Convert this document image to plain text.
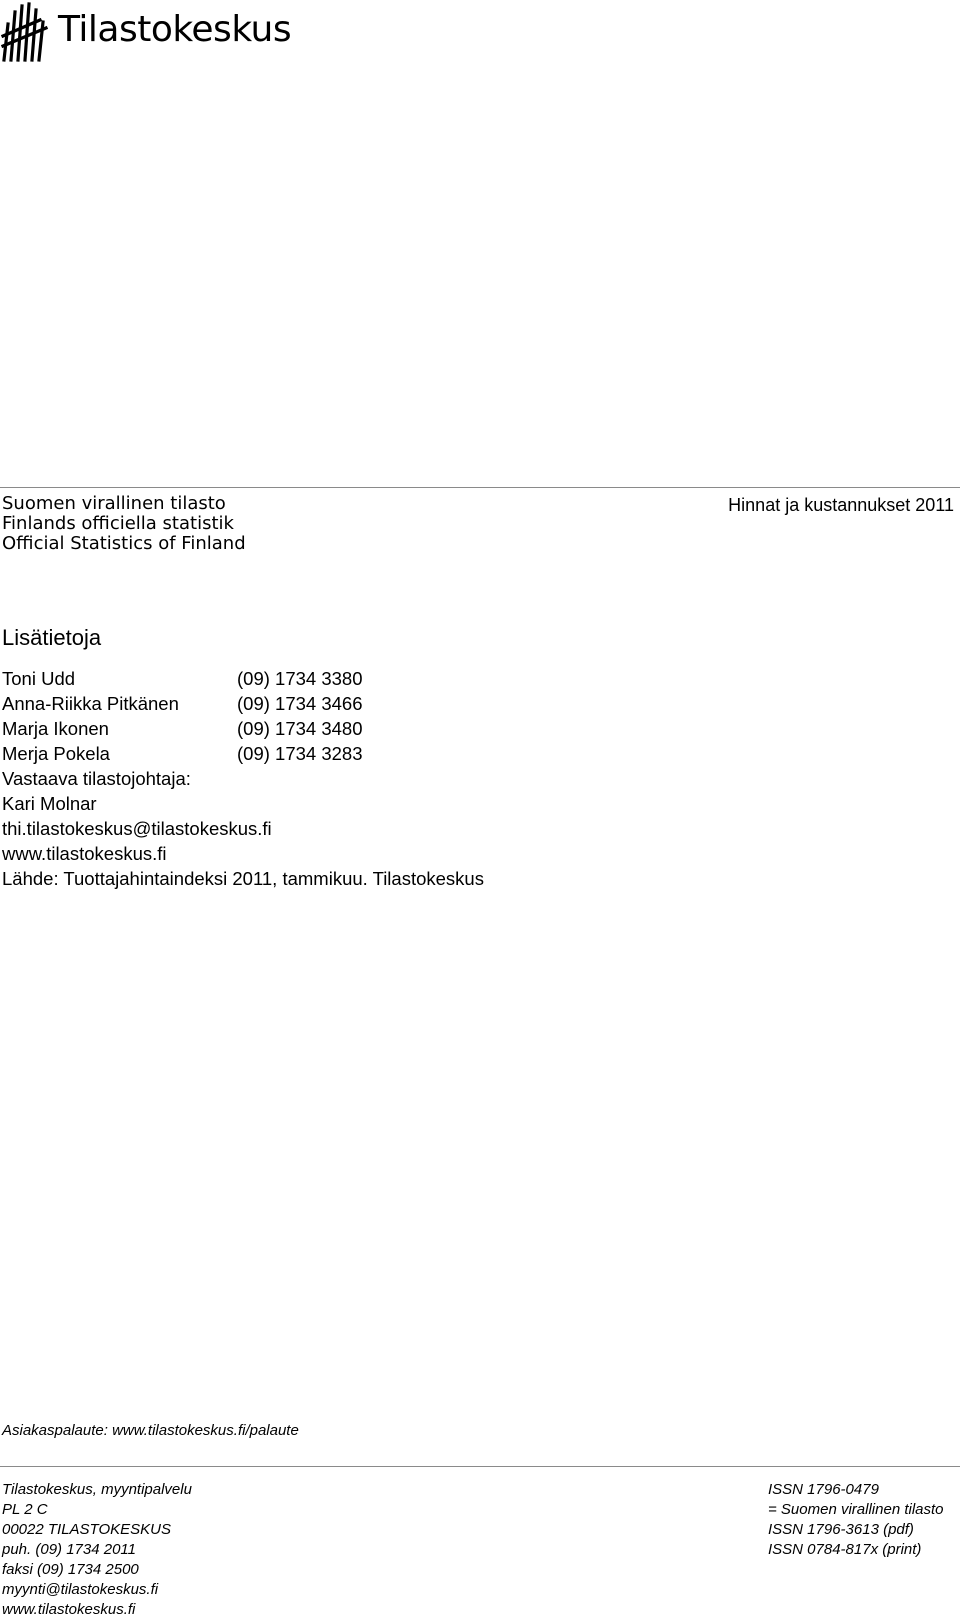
Tilastokeskus
Suomen virallinen tilasto
Finlands officiella statistik
Official Statistics of Finland
Hinnat ja kustannukset 2011
Lisätietoja
Toni Udd	(09) 1734 3380
Anna-Riikka Pitkänen	(09) 1734 3466
Marja Ikonen	(09) 1734 3480
Merja Pokela	(09) 1734 3283
Vastaava tilastojohtaja:
Kari Molnar
thi.tilastokeskus@tilastokeskus.fi
www.tilastokeskus.fi
Lähde: Tuottajahintaindeksi 2011, tammikuu. Tilastokeskus
Asiakaspalaute: www.tilastokeskus.fi/palaute
Tilastokeskus, myyntipalvelu
PL 2 C
00022 TILASTOKESKUS
puh. (09) 1734 2011
faksi (09) 1734 2500
myynti@tilastokeskus.fi
www.tilastokeskus.fi
ISSN 1796-0479
= Suomen virallinen tilasto
ISSN 1796-3613 (pdf)
ISSN 0784-817x (print)
